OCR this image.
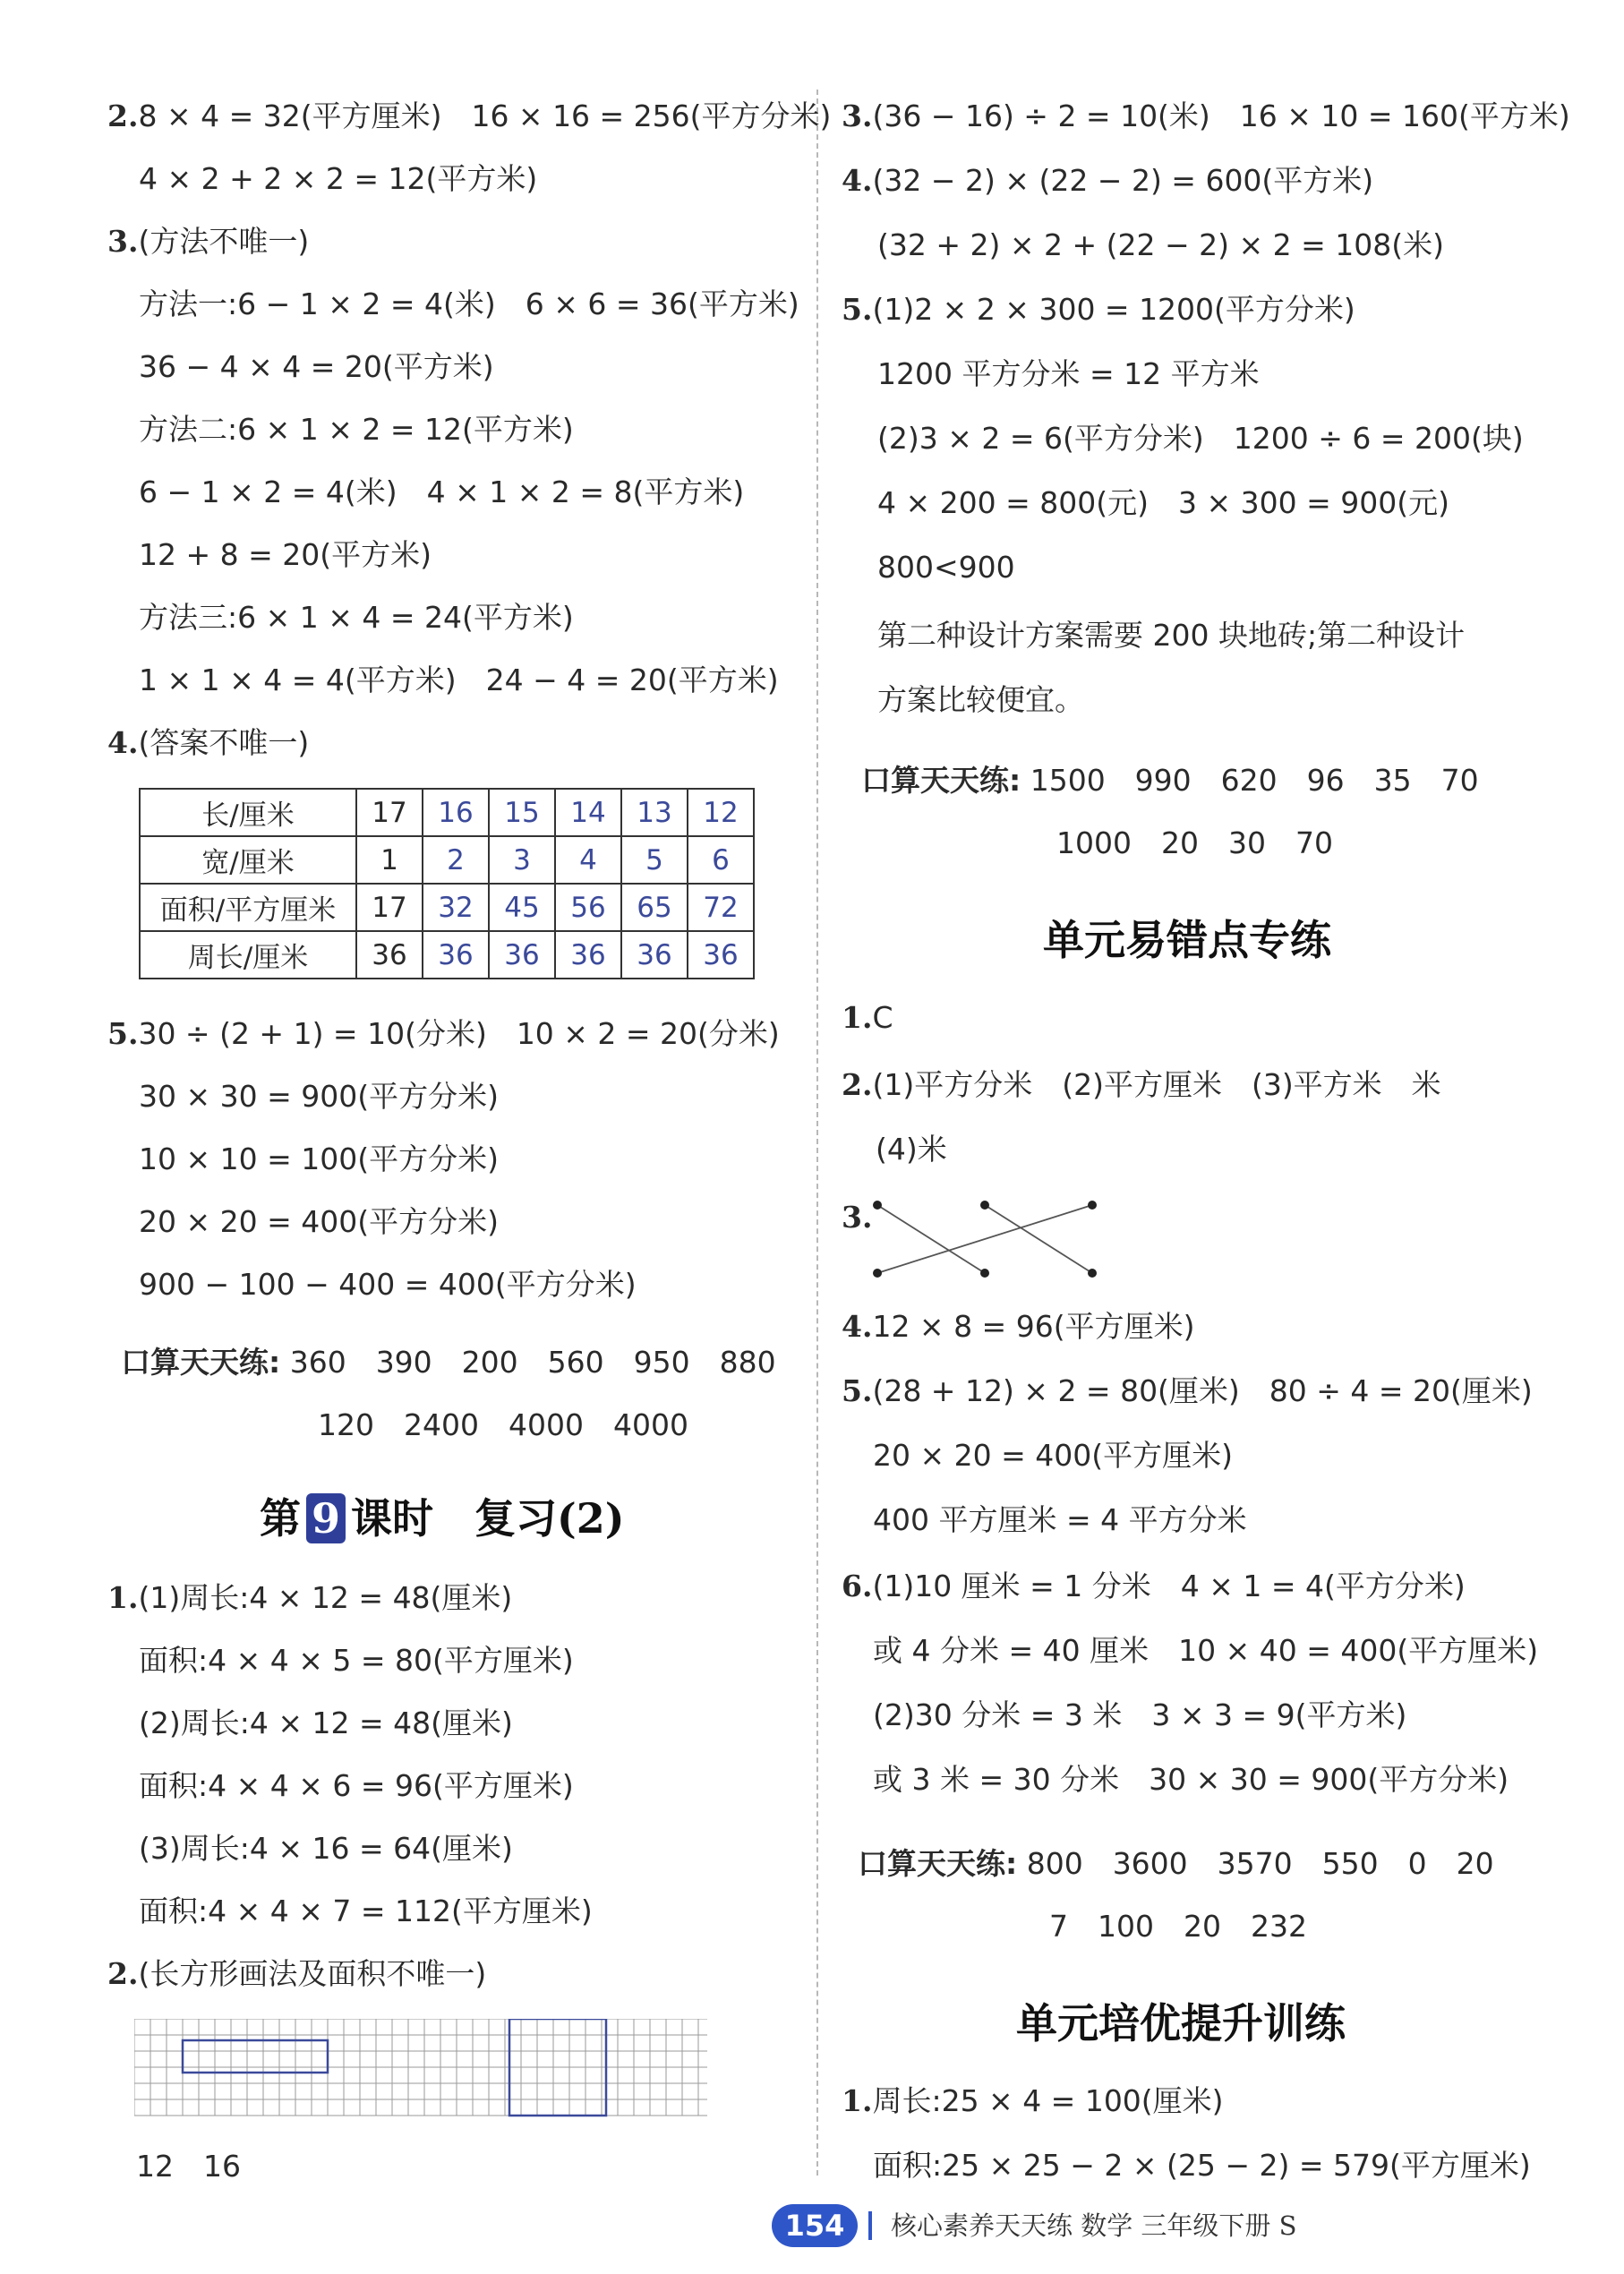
2.8 × 4 = 32(平方厘米)　16 × 16 = 256(平方分米)
4 × 2 + 2 × 2 = 12(平方米)
3.(方法不唯一)
方法一:6 − 1 × 2 = 4(米)　6 × 6 = 36(平方米)
36 − 4 × 4 = 20(平方米)
方法二:6 × 1 × 2 = 12(平方米)
6 − 1 × 2 = 4(米)　4 × 1 × 2 = 8(平方米)
12 + 8 = 20(平方米)
方法三:6 × 1 × 4 = 24(平方米)
1 × 1 × 4 = 4(平方米)　24 − 4 = 20(平方米)
4.(答案不唯一)
长/厘米	17	16	15	14	13	12
宽/厘米	1	2	3	4	5	6
面积/平方厘米	17	32	45	56	65	72
周长/厘米	36	36	36	36	36	36
5.30 ÷ (2 + 1) = 10(分米)　10 × 2 = 20(分米)
30 × 30 = 900(平方分米)
10 × 10 = 100(平方分米)
20 × 20 = 400(平方分米)
900 − 100 − 400 = 400(平方分米)
口算天天练: 360　390　200　560　950　880
120　2400　4000　4000
第 9 课时　复习(2)
1.(1)周长:4 × 12 = 48(厘米)
面积:4 × 4 × 5 = 80(平方厘米)
(2)周长:4 × 12 = 48(厘米)
面积:4 × 4 × 6 = 96(平方厘米)
(3)周长:4 × 16 = 64(厘米)
面积:4 × 4 × 7 = 112(平方厘米)
2.(长方形画法及面积不唯一)
12　16
3.(36 − 16) ÷ 2 = 10(米)　16 × 10 = 160(平方米)
4.(32 − 2) × (22 − 2) = 600(平方米)
(32 + 2) × 2 + (22 − 2) × 2 = 108(米)
5.(1)2 × 2 × 300 = 1200(平方分米)
1200 平方分米 = 12 平方米
(2)3 × 2 = 6(平方分米)　1200 ÷ 6 = 200(块)
4 × 200 = 800(元)　3 × 300 = 900(元)
800<900
第二种设计方案需要 200 块地砖;第二种设计
方案比较便宜。
口算天天练: 1500　990　620　96　35　70
1000　20　30　70
单元易错点专练
1.C
2.(1)平方分米　(2)平方厘米　(3)平方米　米
(4)米
3.
4.12 × 8 = 96(平方厘米)
5.(28 + 12) × 2 = 80(厘米)　80 ÷ 4 = 20(厘米)
20 × 20 = 400(平方厘米)
400 平方厘米 = 4 平方分米
6.(1)10 厘米 = 1 分米　4 × 1 = 4(平方分米)
或 4 分米 = 40 厘米　10 × 40 = 400(平方厘米)
(2)30 分米 = 3 米　3 × 3 = 9(平方米)
或 3 米 = 30 分米　30 × 30 = 900(平方分米)
口算天天练: 800　3600　3570　550　0　20
7　100　20　232
单元培优提升训练
1.周长:25 × 4 = 100(厘米)
面积:25 × 25 − 2 × (25 − 2) = 579(平方厘米)
154	核心素养天天练 数学 三年级下册 S
